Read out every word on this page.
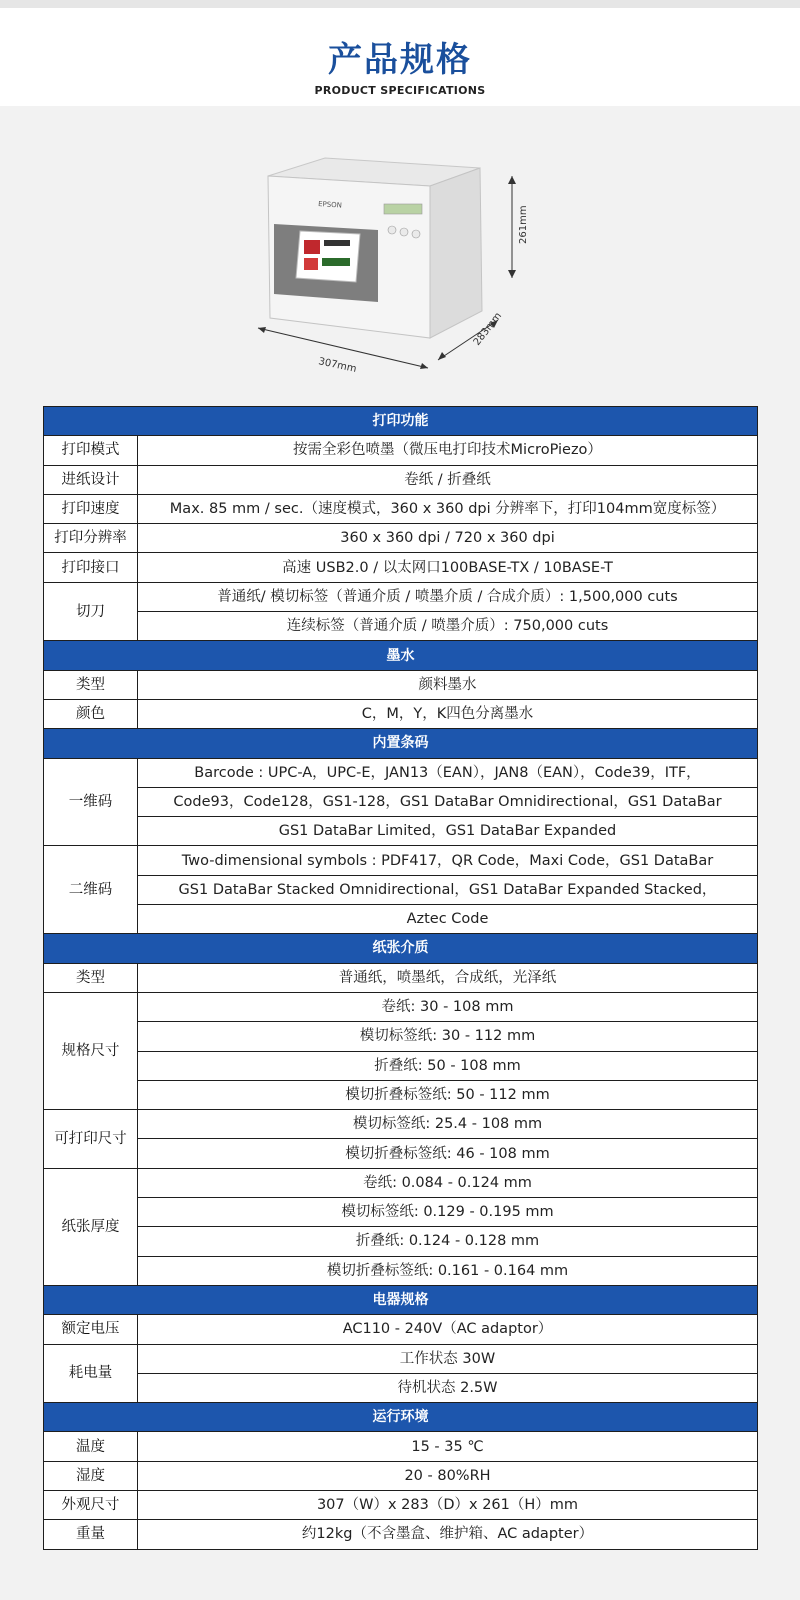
产品规格
PRODUCT SPECIFICATIONS
EPSON
307mm
283mm
261mm
打印功能	
打印模式	按需全彩色喷墨（微压电打印技术MicroPiezo）
进纸设计	卷纸 / 折叠纸
打印速度	Max. 85 mm / sec.（速度模式，360 x 360 dpi 分辨率下，打印104mm宽度标签）
打印分辨率	360 x 360 dpi / 720 x 360 dpi
打印接口	高速 USB2.0 / 以太网口100BASE-TX / 10BASE-T
切刀	普通纸/ 模切标签（普通介质 / 喷墨介质 / 合成介质）: 1,500,000 cuts
	连续标签（普通介质 / 喷墨介质）: 750,000 cuts
墨水	
类型	颜料墨水
颜色	C，M，Y，K四色分离墨水
内置条码	
一维码	Barcode : UPC-A，UPC-E，JAN13（EAN），JAN8（EAN），Code39，ITF，
	Code93，Code128，GS1-128，GS1 DataBar Omnidirectional，GS1 DataBar
	GS1 DataBar Limited，GS1 DataBar Expanded
二维码	Two-dimensional symbols : PDF417，QR Code，Maxi Code，GS1 DataBar
	GS1 DataBar Stacked Omnidirectional，GS1 DataBar Expanded Stacked，
	Aztec Code
纸张介质	
类型	普通纸，喷墨纸，合成纸，光泽纸
规格尺寸	卷纸: 30 - 108 mm
	模切标签纸: 30 - 112 mm
	折叠纸: 50 - 108 mm
	模切折叠标签纸: 50 - 112 mm
可打印尺寸	模切标签纸: 25.4 - 108 mm
	模切折叠标签纸: 46 - 108 mm
纸张厚度	卷纸: 0.084 - 0.124 mm
	模切标签纸: 0.129 - 0.195 mm
	折叠纸: 0.124 - 0.128 mm
	模切折叠标签纸: 0.161 - 0.164 mm
电器规格	
额定电压	AC110 - 240V（AC adaptor）
耗电量	工作状态 30W
	待机状态 2.5W
运行环境	
温度	15 - 35 ℃
湿度	20 - 80%RH
外观尺寸	307（W）x 283（D）x 261（H）mm
重量	约12kg（不含墨盒、维护箱、AC adapter）
